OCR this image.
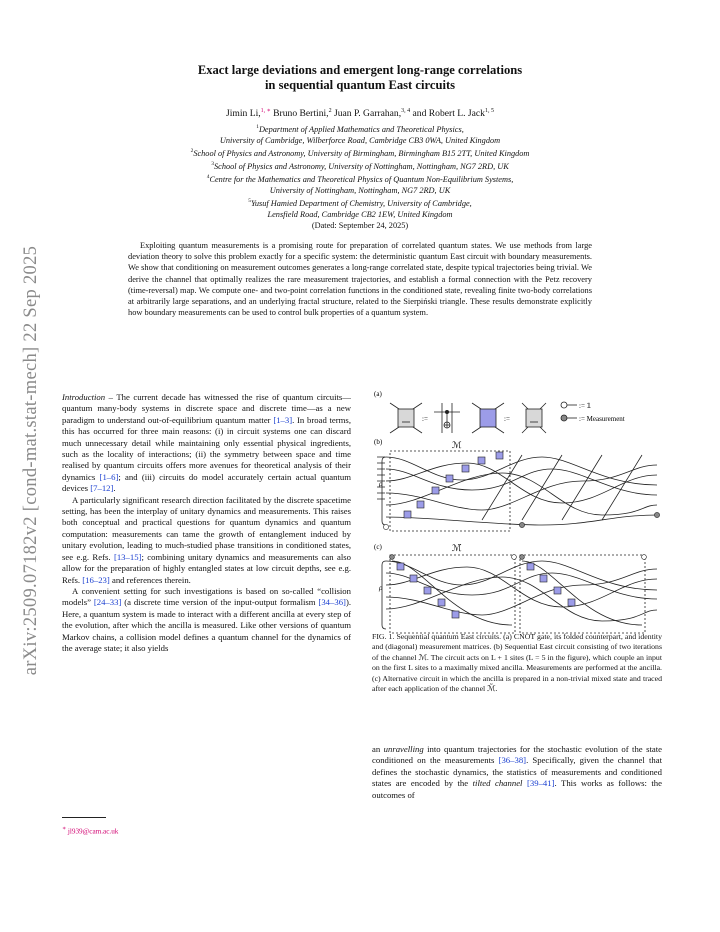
arXiv:2509.07182v2 [cond-mat.stat-mech] 22 Sep 2025
Exact large deviations and emergent long-range correlations
in sequential quantum East circuits
Jimin Li,$^{1, ∗}$ Bruno Bertini,$^2$ Juan P. Garrahan,$^{3, 4}$ and Robert L. Jack$^{1, 5}$
$^1$Department of Applied Mathematics and Theoretical Physics,
University of Cambridge, Wilberforce Road, Cambridge CB3 0WA, United Kingdom
$^2$School of Physics and Astronomy, University of Birmingham, Birmingham B15 2TT, United Kingdom
$^3$School of Physics and Astronomy, University of Nottingham, Nottingham, NG7 2RD, UK
$^4$Centre for the Mathematics and Theoretical Physics of Quantum Non-Equilibrium Systems,
University of Nottingham, Nottingham, NG7 2RD, UK
$^5$Yusuf Hamied Department of Chemistry, University of Cambridge,
Lensfield Road, Cambridge CB2 1EW, United Kingdom
(Dated: September 24, 2025)
Exploiting quantum measurements is a promising route for preparation of correlated quantum states. We use methods from large deviation theory to solve this problem exactly for a specific system: the deterministic quantum East circuit with boundary measurements. We show that conditioning on measurement outcomes generates a long-range correlated state, despite typical trajectories being trivial. We derive the channel that optimally realizes the rare measurement trajectories, and establish a formal connection with the Petz recovery (time-reversal) map. We compute one- and two-point correlation functions in the conditioned state, revealing finite two-body correlations at arbitrarily large separations, and an underlying fractal structure, related to the Sierpiński triangle. These results demonstrate explicitly how boundary measurements can be used to control bulk properties of a quantum system.

Introduction – The current decade has witnessed the rise of quantum circuits—quantum many-body systems in discrete space and discrete time—as a new paradigm to understand out-of-equilibrium quantum matter [1–3]. In broad terms, this has occurred for three main reasons: (i) in circuit systems one can discard much unnecessary detail while maintaining only essential physical ingredients, such as the locality of interactions; (ii) the symmetry between space and time realised by quantum circuits offers more avenues for theoretical analysis of their dynamics [1–6]; and (iii) circuits do model accurately certain actual quantum devices [7–12].

A particularly significant research direction facilitated by the discrete spacetime setting, has been the interplay of unitary dynamics and measurements. This raises both conceptual and practical questions for quantum dynamics and quantum computation: measurements can tame the growth of entanglement induced by unitary evolution, leading to much-studied phase transitions in conditioned states, see e.g. Refs. [13–15]; combining unitary dynamics and measurements can also allow for the preparation of highly entangled states at low circuit depths, see e.g. Refs. [16–23] and references therein.

A convenient setting for such investigations is based on so-called “collision models” [24–33] (a discrete time version of the input-output formalism [34–36]). Here, a quantum system is made to interact with a different ancilla at every step of the evolution, after which the ancilla is measured. Like other versions of quantum Markov chains, a collision model defines a quantum channel for the dynamics of the average state; it also yields

∗ jl939@cam.ac.uk
(a)
:=	:=
:= 𝟙
:= Measurement
(b)	ℳ
ρ
(c)	ℳ̃
ρ
FIG. 1. Sequential quantum East circuits. (a) CNOT gate, its folded counterpart, and identity and (diagonal) measurement matrices. (b) Sequential East circuit consisting of two iterations of the channel ℳ. The circuit acts on L + 1 sites (L = 5 in the figure), which couple an input on the first L sites to a maximally mixed ancilla. Measurements are performed at the ancilla. (c) Alternative circuit in which the ancilla is prepared in a non-trivial mixed state and traced after each application of the channel ℳ̃.

an unravelling into quantum trajectories for the stochastic evolution of the state conditioned on the measurements [36–38]. Specifically, given the channel that defines the stochastic dynamics, the statistics of measurements and conditioned states are encoded by the tilted channel [39–41]. This works as follows: the outcomes of
